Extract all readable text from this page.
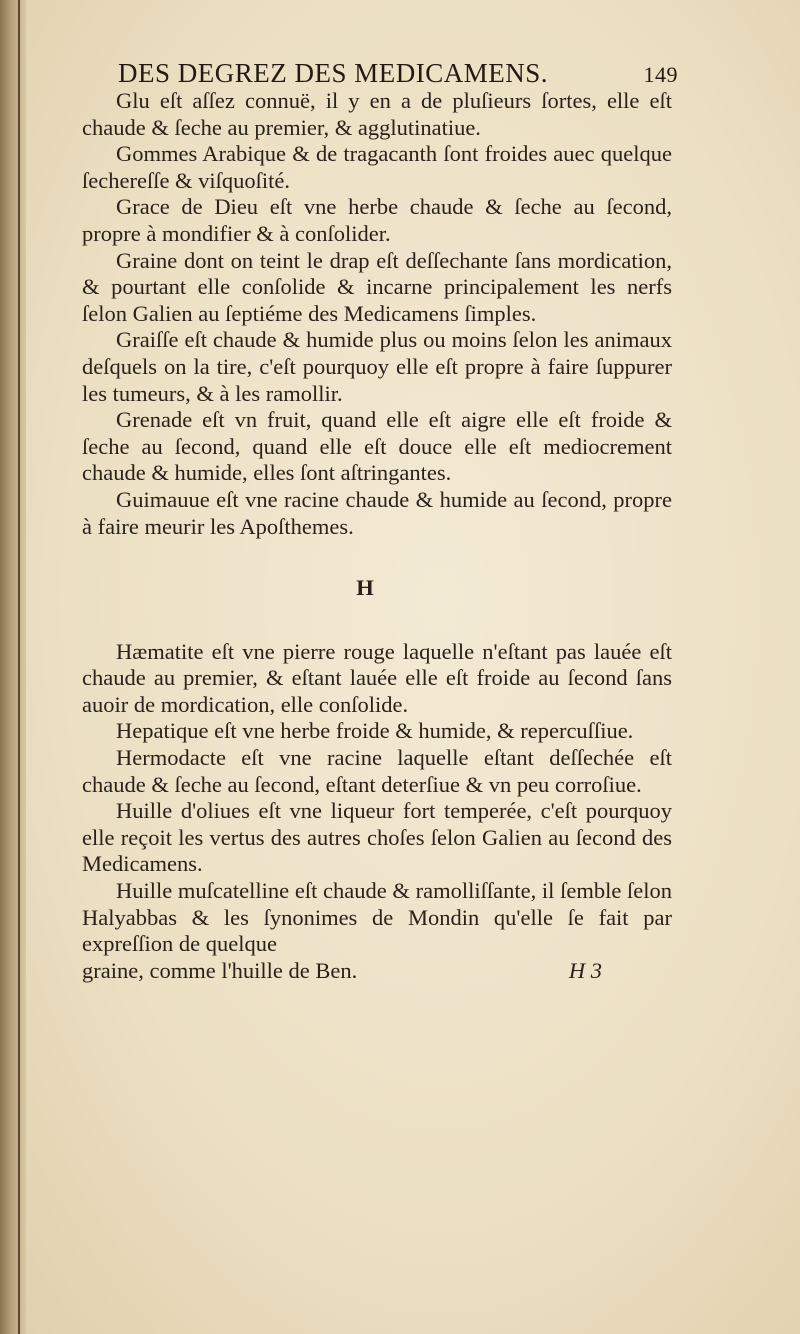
DES DEGREZ DES MEDICAMENS.	149

Glu eſt aſſez connuë, il y en a de pluſieurs ſortes, elle eſt chaude & ſeche au premier, & agglutinatiue.

Gommes Arabique & de tragacanth ſont froides auec quelque ſechereſſe & viſquoſité.

Grace de Dieu eſt vne herbe chaude & ſeche au ſecond, propre à mondifier & à conſolider.

Graine dont on teint le drap eſt deſſechante ſans mordication, & pourtant elle conſolide & incarne principalement les nerfs ſelon Galien au ſeptiéme des Medicamens ſimples.

Graiſſe eſt chaude & humide plus ou moins ſelon les animaux deſquels on la tire, c'eſt pourquoy elle eſt propre à faire ſuppurer les tumeurs, & à les ramollir.

Grenade eſt vn fruit, quand elle eſt aigre elle eſt froide & ſeche au ſecond, quand elle eſt douce elle eſt mediocrement chaude & humide, elles ſont aſtringantes.

Guimauue eſt vne racine chaude & humide au ſecond, propre à faire meurir les Apoſthemes.

H

Hæmatite eſt vne pierre rouge laquelle n'eſtant pas lauée eſt chaude au premier, & eſtant lauée elle eſt froide au ſecond ſans auoir de mordication, elle conſolide.

Hepatique eſt vne herbe froide & humide, & repercuſſiue.

Hermodacte eſt vne racine laquelle eſtant deſſechée eſt chaude & ſeche au ſecond, eſtant deterſiue & vn peu corroſiue.

Huille d'oliues eſt vne liqueur fort temperée, c'eſt pourquoy elle reçoit les vertus des autres choſes ſelon Galien au ſecond des Medicamens.

Huille muſcatelline eſt chaude & ramolliſſante, il ſemble ſelon Halyabbas & les ſynonimes de Mondin qu'elle ſe fait par expreſſion de quelque

graine, comme l'huille de Ben.	H 3
